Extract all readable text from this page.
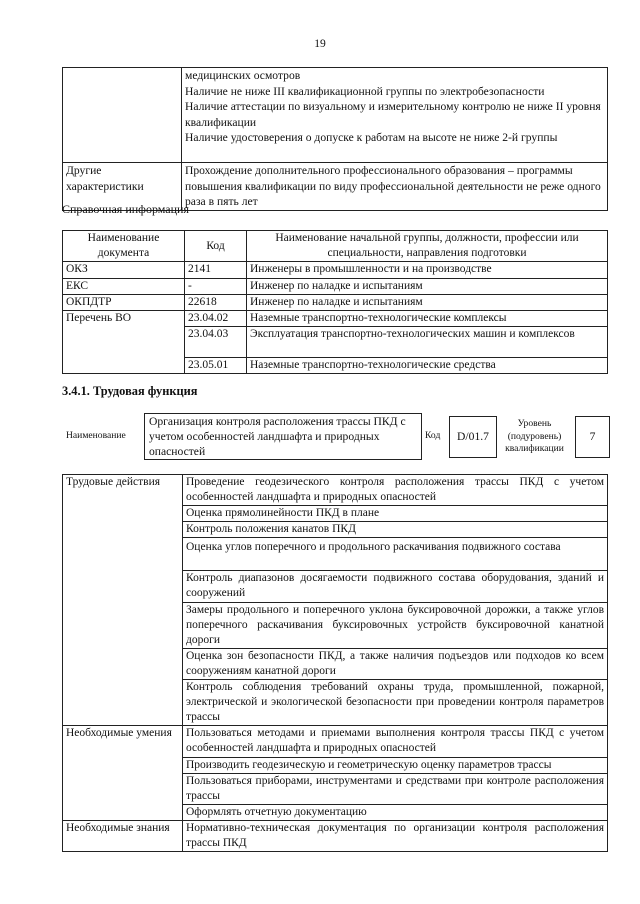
19

	медицинских осмотров
Наличие не ниже III квалификационной группы по электробезопасности
Наличие аттестации по визуальному и измерительному контролю не ниже II уровня квалификации
Наличие удостоверения о допуске к работам на высоте не ниже 2-й группы

Другие характеристики	Прохождение дополнительного профессионального образования – программы повышения квалификации по виду профессиональной деятельности не реже одного раза в пять лет
Справочная информация
Наименование документа	Код	Наименование начальной группы, должности, профессии или специальности, направления подготовки
ОКЗ	2141	Инженеры в промышленности и на производстве
ЕКС	-	Инженер по наладке и испытаниям
ОКПДТР	22618	Инженер по наладке и испытаниям
Перечень ВО	23.04.02	Наземные транспортно-технологические комплексы
	23.04.03	Эксплуатация транспортно-технологических машин и комплексов
	23.05.01	Наземные транспортно-технологические средства
3.4.1. Трудовая функция
Наименование
Организация контроля расположения трассы ПКД с учетом особенностей ландшафта и природных опасностей
Код	D/01.7
Уровень (подуровень) квалификации
7
Трудовые действия	Проведение геодезического контроля расположения трассы ПКД с учетом особенностей ландшафта и природных опасностей
	Оценка прямолинейности ПКД в плане
	Контроль положения канатов ПКД
	Оценка углов поперечного и продольного раскачивания подвижного состава
	Контроль диапазонов досягаемости подвижного состава оборудования, зданий и сооружений
	Замеры продольного и поперечного уклона буксировочной дорожки, а также углов поперечного раскачивания буксировочных устройств буксировочной канатной дороги
	Оценка зон безопасности ПКД, а также наличия подъездов или подходов ко всем сооружениям канатной дороги
	Контроль соблюдения требований охраны труда, промышленной, пожарной, электрической и экологической безопасности при проведении контроля параметров трассы
Необходимые умения	Пользоваться методами и приемами выполнения контроля трассы ПКД с учетом особенностей ландшафта и природных опасностей
	Производить геодезическую и геометрическую оценку параметров трассы
	Пользоваться приборами, инструментами и средствами при контроле расположения трассы
	Оформлять отчетную документацию
Необходимые знания	Нормативно-техническая документация по организации контроля расположения трассы ПКД
